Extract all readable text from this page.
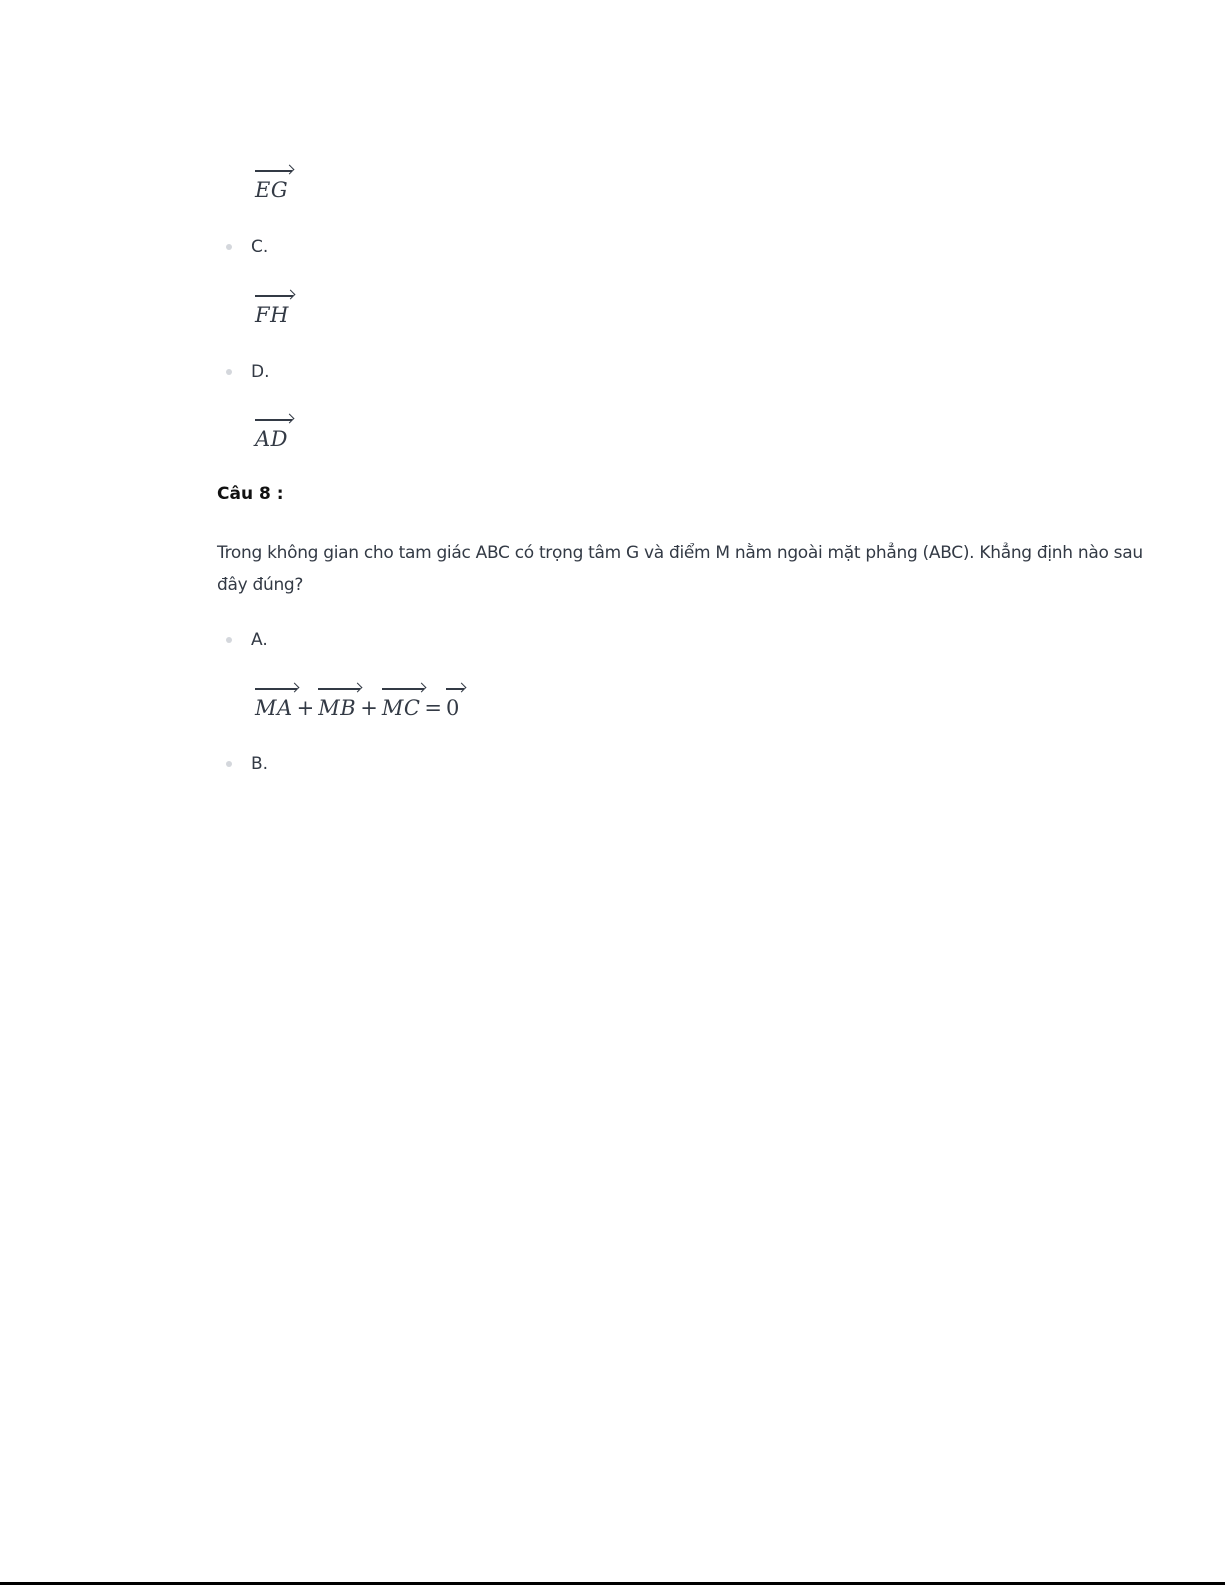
EG
C.
FH
D.
AD
Câu 8 :
Trong không gian cho tam giác ABC có trọng tâm G và điểm M nằm ngoài mặt phẳng (ABC). Khẳng định nào sau đây đúng?
A.
MA + MB + MC = 0
B.
